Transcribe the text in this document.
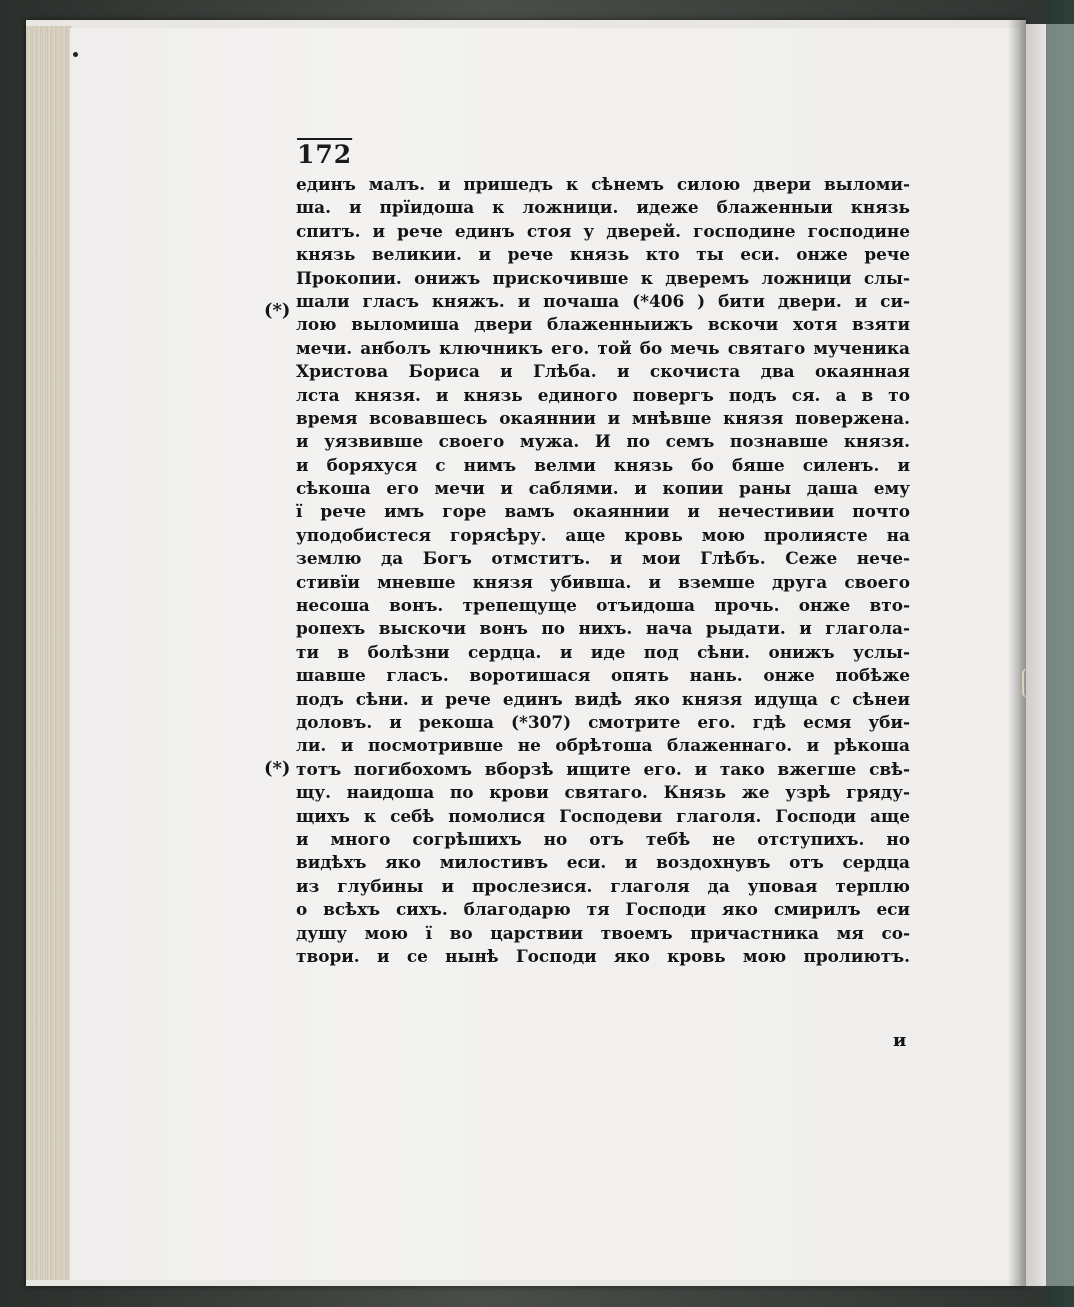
172
(*)
(*)
единъ малъ. и пришедъ к сѣнемъ силою двери выломи-
ша. и прїидоша к ложници. идеже блаженныи князь
спитъ. и рече единъ стоя у дверей. господине господине
князь великии. и рече князь кто ты еси. онже рече
Прокопии. онижъ прискочивше к дверемъ ложници слы-
шали гласъ княжъ. и почаша (*406 ) бити двери. и си-
лою выломиша двери блаженныижъ вскочи хотя взяти
мечи. анболъ ключникъ его. той бо мечь святаго мученика
Христова Бориса и Глѣба. и скочиста два окаянная
лста князя. и князь единого повергъ подъ ся. а в то
время всовавшесь окаяннии и мнѣвше князя повержена.
и уязвивше своего мужа. И по семъ познавше князя.
и боряхуся с нимъ велми князь бо бяше силенъ. и
сѣкоша его мечи и саблями. и копии раны даша ему
ї рече имъ горе вамъ окаяннии и нечестивии почто
уподобистеся горясѣру. аще кровь мою пролиясте на
землю да Богъ отмститъ. и мои Глѣбъ. Сеже нече-
стивїи мневше князя убивша. и вземше друга своего
несоша вонъ. трепещуще отъидоша прочь. онже вто-
ропехъ выскочи вонъ по нихъ. нача рыдати. и глагола-
ти в болѣзни сердца. и иде под сѣни. онижъ услы-
шавше гласъ. воротишася опять нань. онже побѣже
подъ сѣни. и рече единъ видѣ яко князя идуща с сѣнеи
доловъ. и рекоша (*307) смотрите его. гдѣ есмя уби-
ли. и посмотривше не обрѣтоша блаженнаго. и рѣкоша
тотъ погибохомъ вборзѣ ищите его. и тако вжегше свѣ-
щу. наидоша по крови святаго. Князь же узрѣ гряду-
щихъ к себѣ помолися Господеви глаголя. Господи аще
и много согрѣшихъ но отъ тебѣ не отступихъ. но
видѣхъ яко милостивъ еси. и воздохнувъ отъ сердца
из глубины и прослезися. глаголя да уповая терплю
о всѣхъ сихъ. благодарю тя Господи яко смирилъ еси
душу мою ї во царствии твоемъ причастника мя со-
твори. и се нынѣ Господи яко кровь мою пролиютъ.
и
